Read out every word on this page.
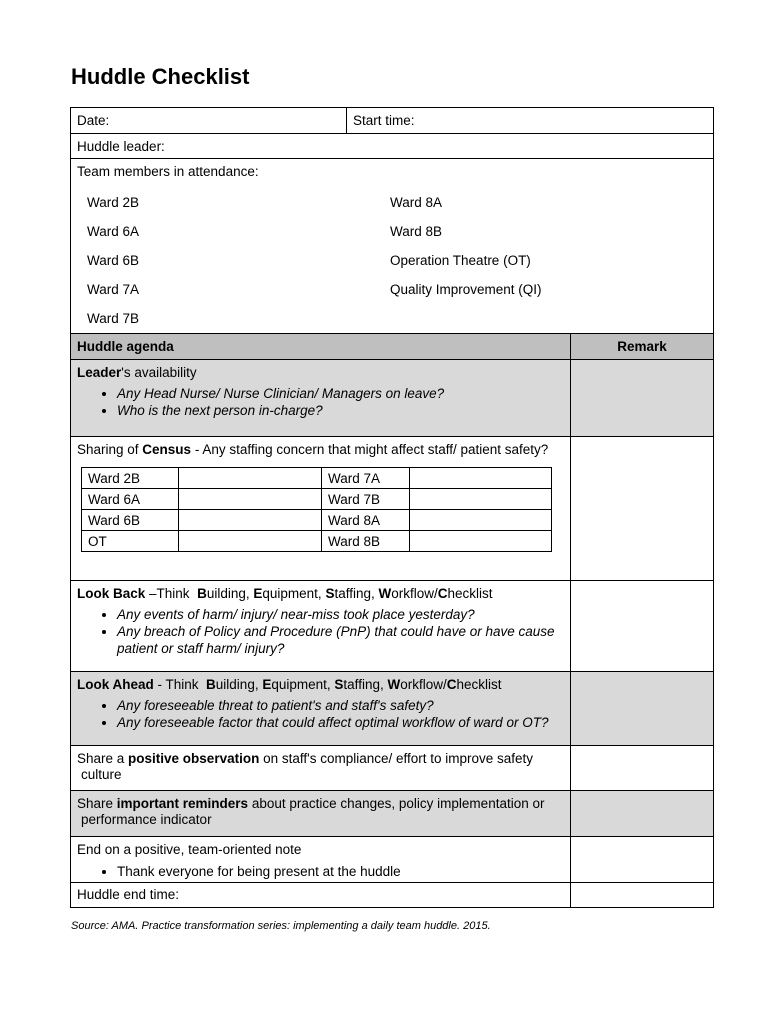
Huddle Checklist
Date:	Start time:
Huddle leader:
Team members in attendance:
Ward 2B
Ward 6A
Ward 6B
Ward 7A
Ward 7B
Ward 8A
Ward 8B
Operation Theatre (OT)
Quality Improvement (QI)
Huddle agenda	Remark
Leader's availability
• Any Head Nurse/ Nurse Clinician/ Managers on leave?
• Who is the next person in-charge?
Sharing of Census - Any staffing concern that might affect staff/ patient safety?
Ward 2B		Ward 7A	
Ward 6A		Ward 7B	
Ward 6B		Ward 8A	
OT		Ward 8B	
Look Back –Think  Building, Equipment, Staffing, Workflow/Checklist
• Any events of harm/ injury/ near-miss took place yesterday?
• Any breach of Policy and Procedure (PnP) that could have or have cause patient or staff harm/ injury?
Look Ahead - Think  Building, Equipment, Staffing, Workflow/Checklist
• Any foreseeable threat to patient's and staff's safety?
• Any foreseeable factor that could affect optimal workflow of ward or OT?
Share a positive observation on staff's compliance/ effort to improve safety
culture
Share important reminders about practice changes, policy implementation or
performance indicator
End on a positive, team-oriented note
• Thank everyone for being present at the huddle
Huddle end time:

Source: AMA. Practice transformation series: implementing a daily team huddle. 2015.
